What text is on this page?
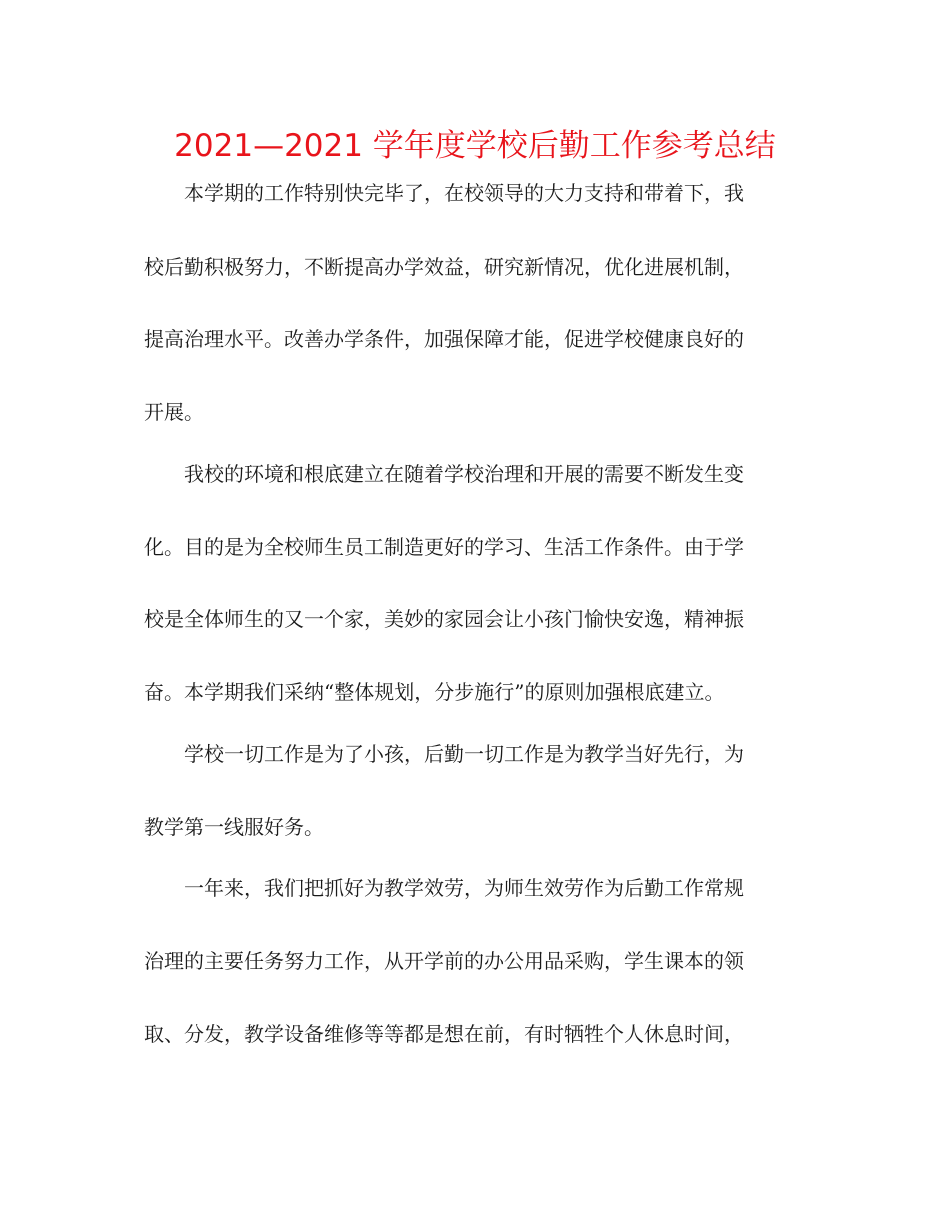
2021—2021 学年度学校后勤工作参考总结
　　本学期的工作特别快完毕了，在校领导的大力支持和带着下，我
校后勤积极努力，不断提高办学效益，研究新情况，优化进展机制，
提高治理水平。改善办学条件，加强保障才能，促进学校健康良好的
开展。
　　我校的环境和根底建立在随着学校治理和开展的需要不断发生变
化。目的是为全校师生员工制造更好的学习、生活工作条件。由于学
校是全体师生的又一个家，美妙的家园会让小孩门愉快安逸，精神振
奋。本学期我们采纳“整体规划，分步施行”的原则加强根底建立。
　　学校一切工作是为了小孩，后勤一切工作是为教学当好先行，为
教学第一线服好务。
　　一年来，我们把抓好为教学效劳，为师生效劳作为后勤工作常规
治理的主要任务努力工作，从开学前的办公用品采购，学生课本的领
取、分发，教学设备维修等等都是想在前，有时牺牲个人休息时间，
